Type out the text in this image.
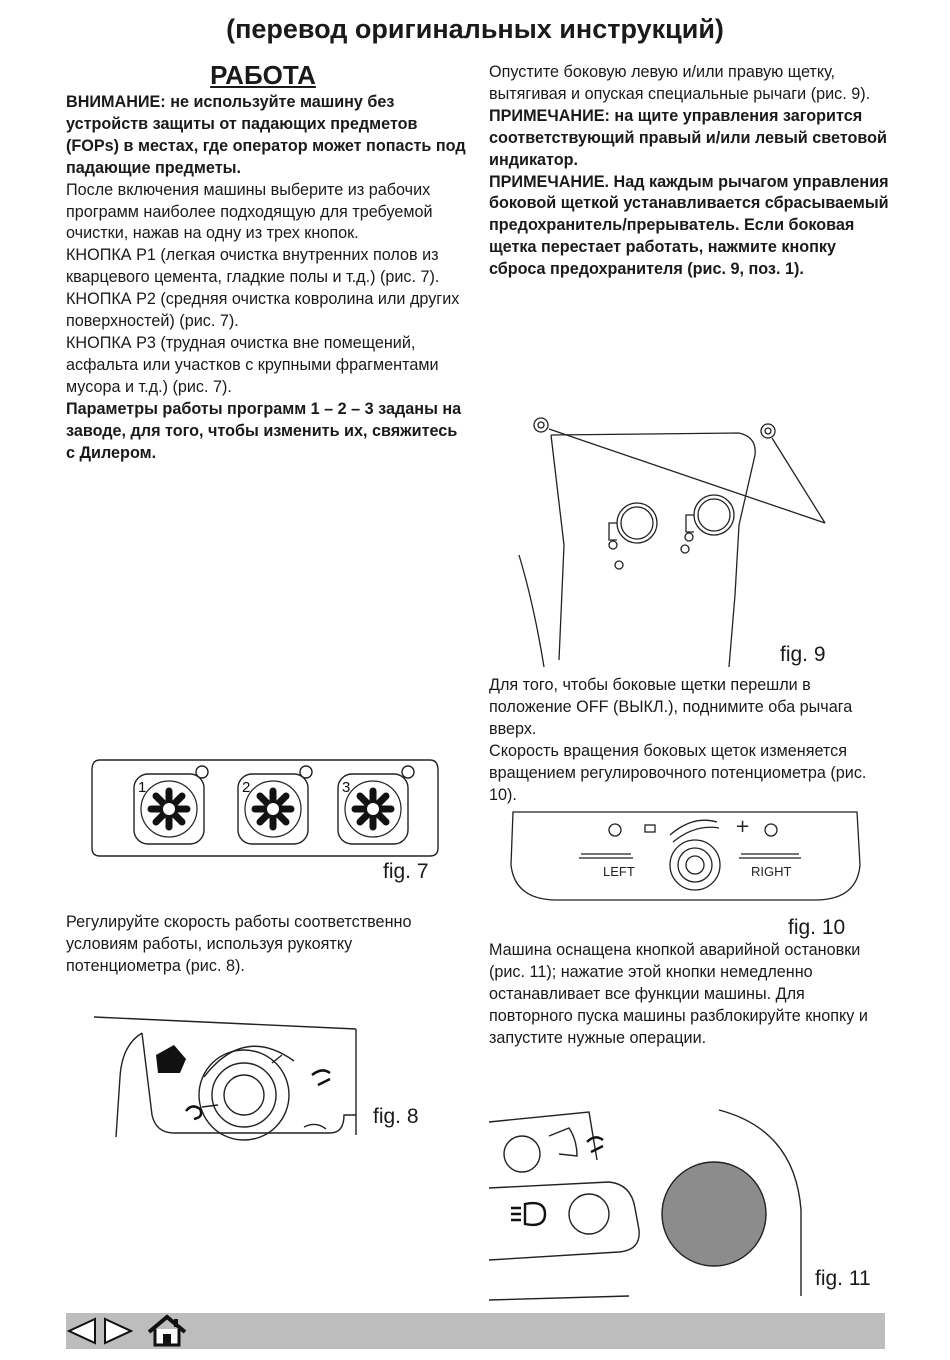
(перевод оригинальных инструкций)
РАБОТА

ВНИМАНИЕ: не используйте машину без устройств защиты от падающих предметов (FOPs) в местах, где оператор может попасть под падающие предметы.

После включения машины выберите из рабочих программ наиболее подходящую для требуемой очистки, нажав на одну из трех кнопок.

КНОПКА P1 (легкая очистка внутренних полов из кварцевого цемента, гладкие полы и т.д.) (рис. 7).

КНОПКА P2 (средняя очистка ковролина или других поверхностей) (рис. 7).

КНОПКА P3 (трудная очистка вне помещений, асфальта или участков с крупными фрагментами мусора и т.д.) (рис. 7).

Параметры работы программ 1 – 2 – 3 заданы на заводе, для того, чтобы изменить их, свяжитесь с Дилером.

Опустите боковую левую и/или правую щетку, вытягивая и опуская специальные рычаги (рис. 9).

ПРИМЕЧАНИЕ: на щите управления загорится соответствующий правый и/или левый световой индикатор.

ПРИМЕЧАНИЕ. Над каждым рычагом управления боковой щеткой устанавливается сбрасываемый предохранитель/прерыватель. Если боковая щетка перестает работать, нажмите кнопку сброса предохранителя (рис. 9, поз. 1).

fig. 9

Для того, чтобы боковые щетки перешли в положение OFF (ВЫКЛ.), поднимите оба рычага вверх.

Скорость вращения боковых щеток изменяется вращением регулировочного потенциометра (рис. 10).

+
LEFT	RIGHT
fig. 10

Машина оснащена кнопкой аварийной остановки (рис. 11); нажатие этой кнопки немедленно останавливает все функции машины. Для повторного пуска машины разблокируйте кнопку и запустите нужные операции.

1	2	3
fig. 7

Регулируйте скорость работы соответственно условиям работы, используя рукоятку потенциометра (рис. 8).

fig. 8
fig. 11
